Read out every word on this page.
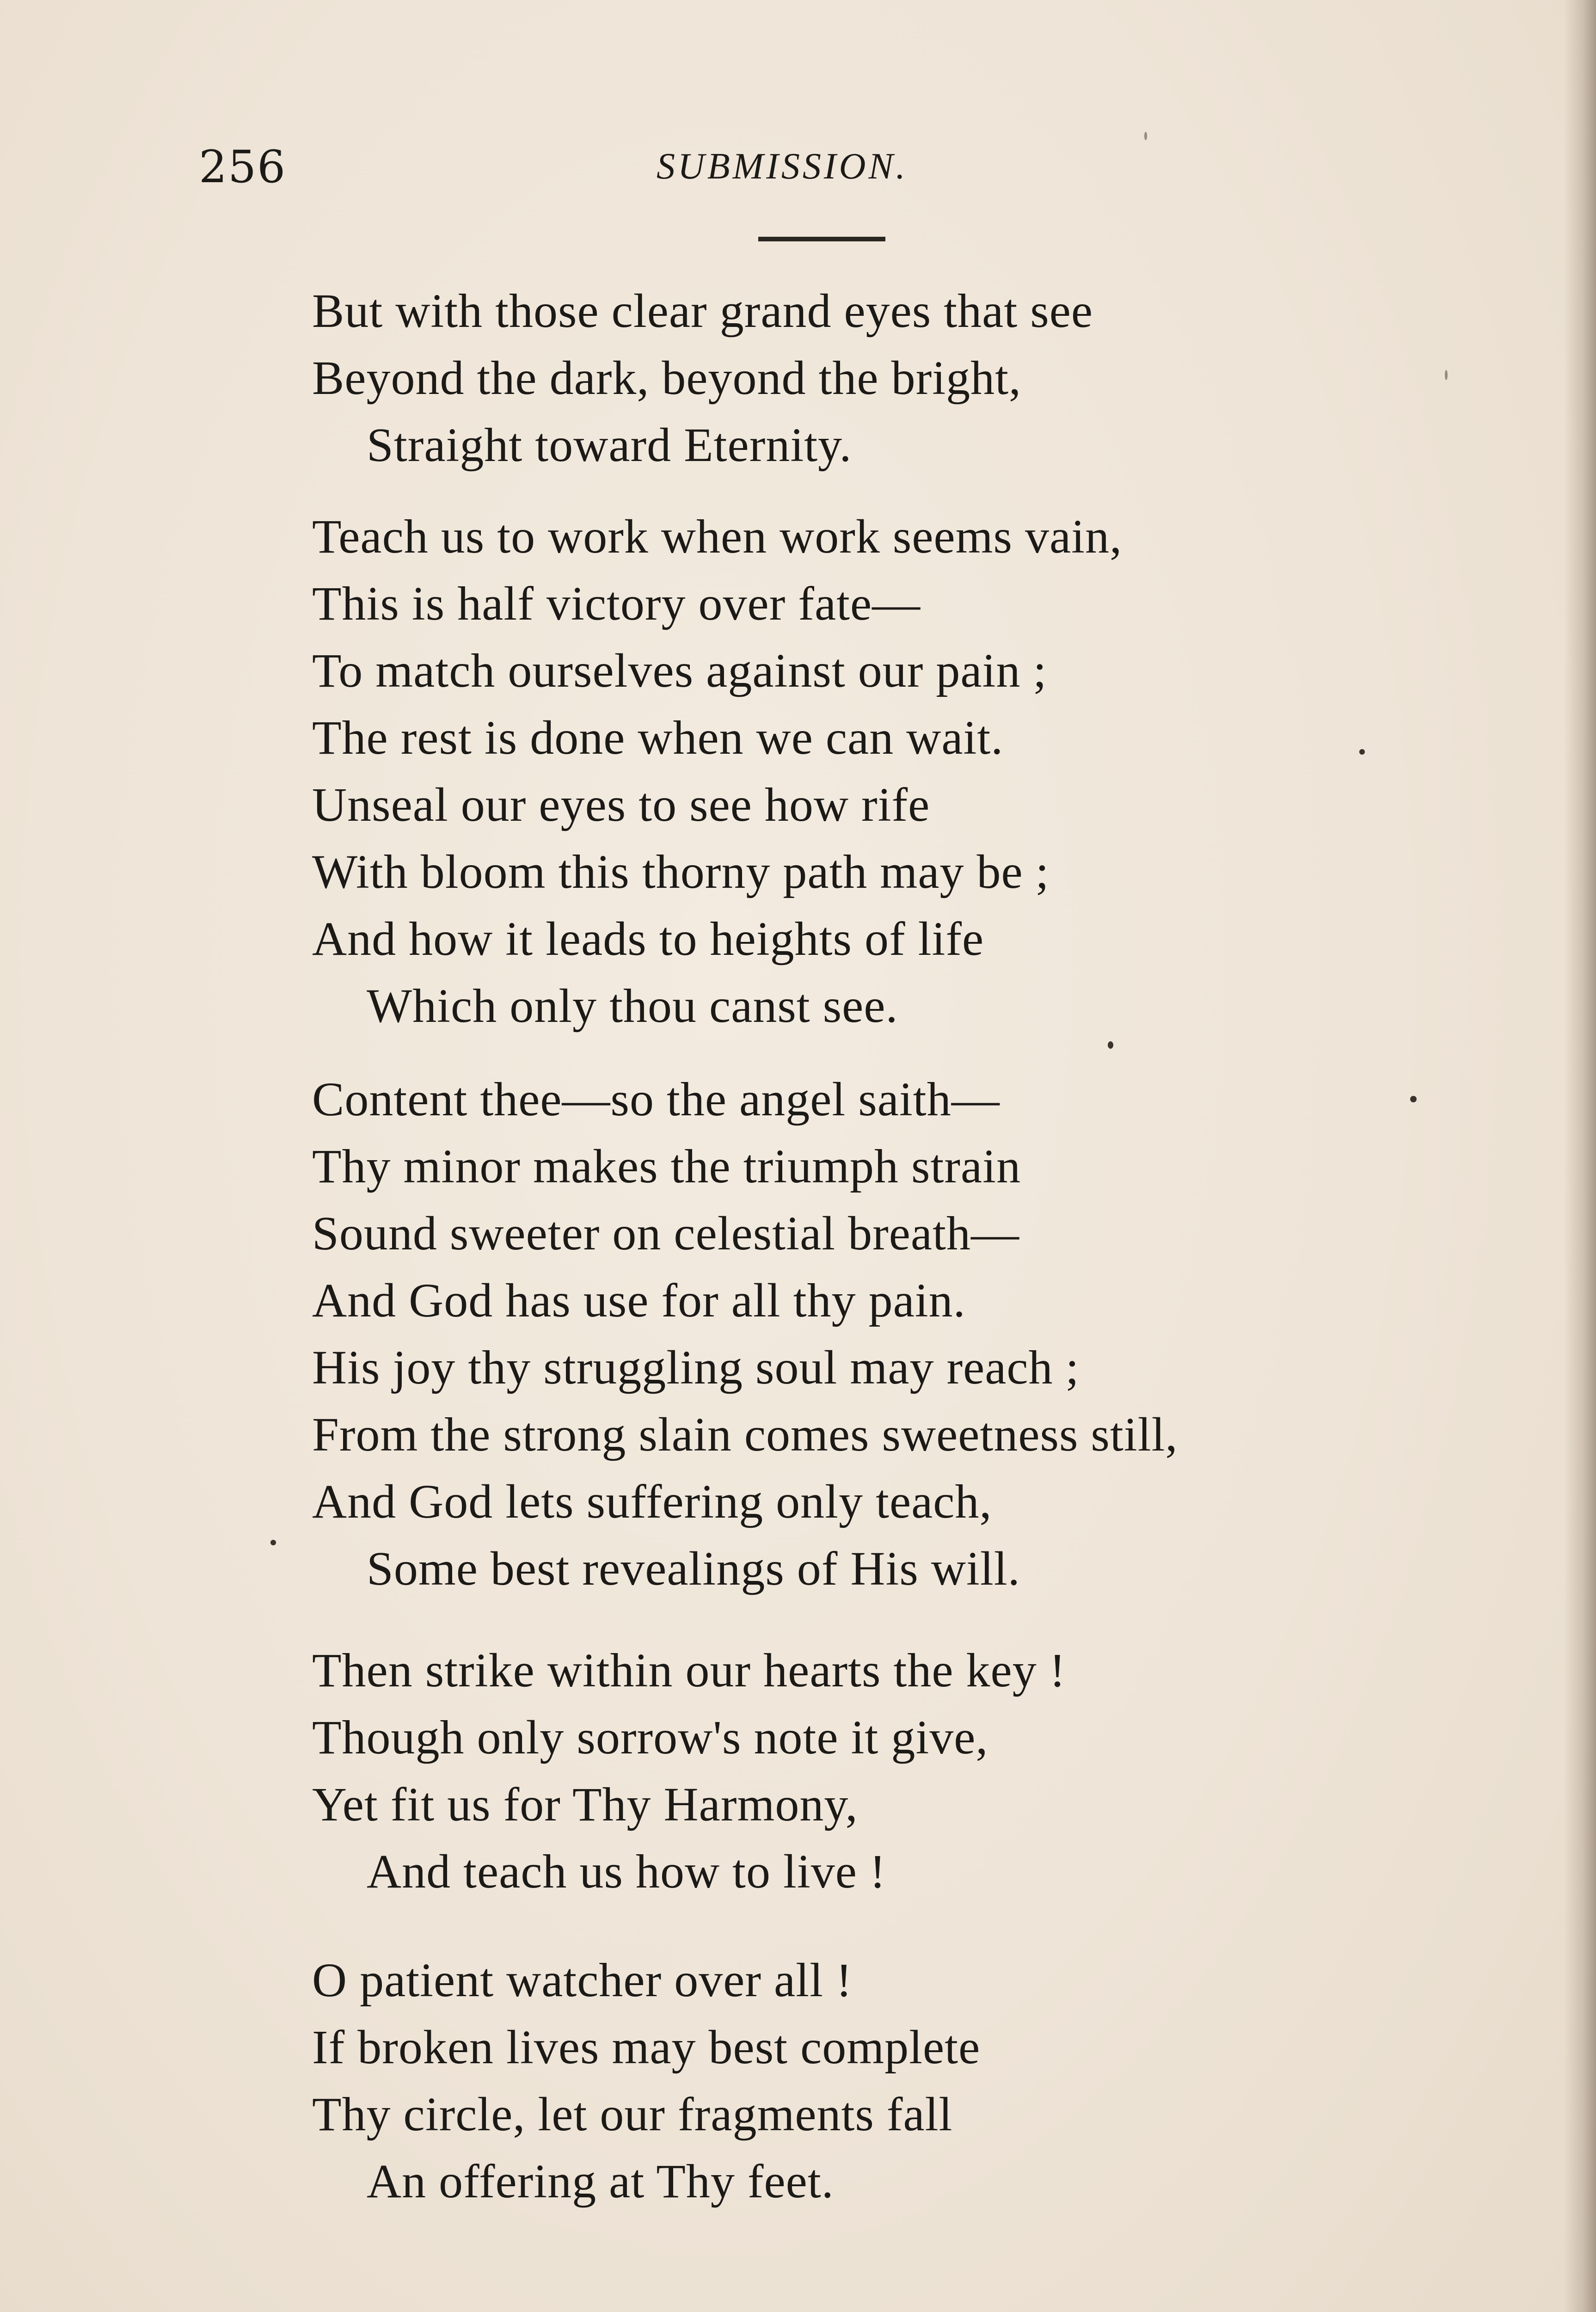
256	SUBMISSION.
But with those clear grand eyes that see
Beyond the dark, beyond the bright,
Straight toward Eternity.
Teach us to work when work seems vain,
This is half victory over fate—
To match ourselves against our pain ;
The rest is done when we can wait.
Unseal our eyes to see how rife
With bloom this thorny path may be ;
And how it leads to heights of life
Which only thou canst see.
Content thee—so the angel saith—
Thy minor makes the triumph strain
Sound sweeter on celestial breath—
And God has use for all thy pain.
His joy thy struggling soul may reach ;
From the strong slain comes sweetness still,
And God lets suffering only teach,
Some best revealings of His will.
Then strike within our hearts the key !
Though only sorrow's note it give,
Yet fit us for Thy Harmony,
And teach us how to live !
O patient watcher over all !
If broken lives may best complete
Thy circle, let our fragments fall
An offering at Thy feet.
